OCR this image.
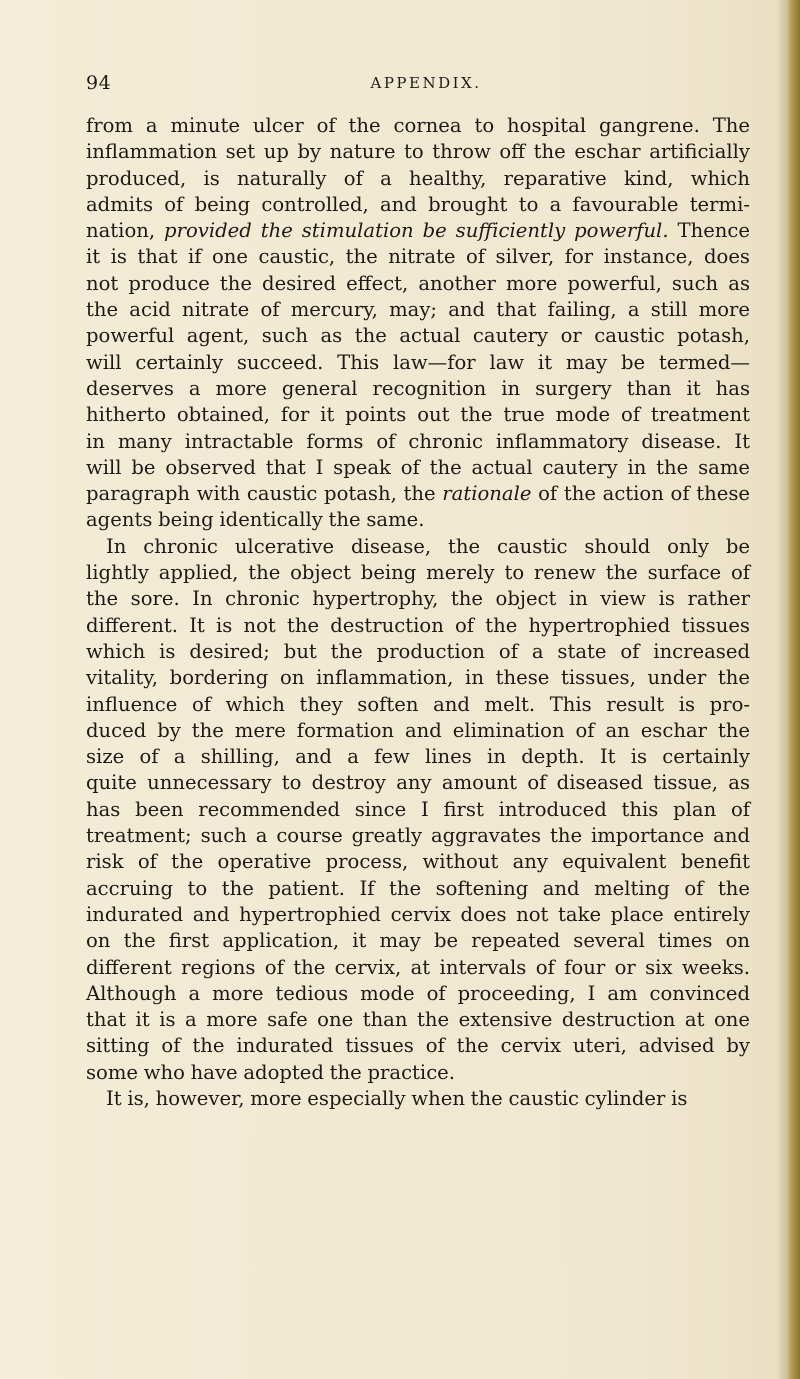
94	APPENDIX.
from a minute ulcer of the cornea to hospital gangrene. The
inflammation set up by nature to throw off the eschar artificially
produced, is naturally of a healthy, reparative kind, which
admits of being controlled, and brought to a favourable termi-
nation, provided the stimulation be sufficiently powerful. Thence
it is that if one caustic, the nitrate of silver, for instance, does
not produce the desired effect, another more powerful, such as
the acid nitrate of mercury, may; and that failing, a still more
powerful agent, such as the actual cautery or caustic potash,
will certainly succeed. This law—for law it may be termed—
deserves a more general recognition in surgery than it has
hitherto obtained, for it points out the true mode of treatment
in many intractable forms of chronic inflammatory disease. It
will be observed that I speak of the actual cautery in the same
paragraph with caustic potash, the rationale of the action of these
agents being identically the same.
In chronic ulcerative disease, the caustic should only be
lightly applied, the object being merely to renew the surface of
the sore. In chronic hypertrophy, the object in view is rather
different. It is not the destruction of the hypertrophied tissues
which is desired; but the production of a state of increased
vitality, bordering on inflammation, in these tissues, under the
influence of which they soften and melt. This result is pro-
duced by the mere formation and elimination of an eschar the
size of a shilling, and a few lines in depth. It is certainly
quite unnecessary to destroy any amount of diseased tissue, as
has been recommended since I first introduced this plan of
treatment; such a course greatly aggravates the importance and
risk of the operative process, without any equivalent benefit
accruing to the patient. If the softening and melting of the
indurated and hypertrophied cervix does not take place entirely
on the first application, it may be repeated several times on
different regions of the cervix, at intervals of four or six weeks.
Although a more tedious mode of proceeding, I am convinced
that it is a more safe one than the extensive destruction at one
sitting of the indurated tissues of the cervix uteri, advised by
some who have adopted the practice.
It is, however, more especially when the caustic cylinder is
